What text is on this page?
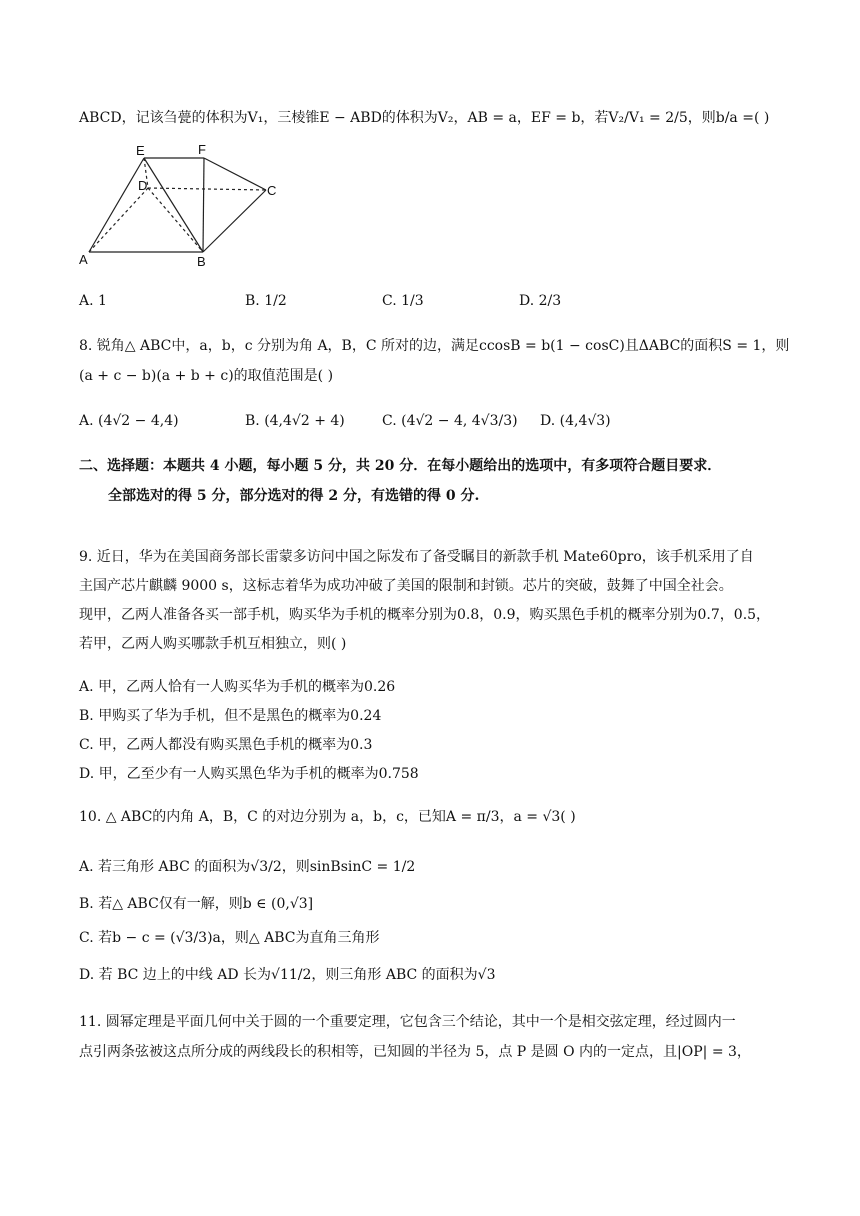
ABCD，记该刍甍的体积为V₁，三棱锥E − ABD的体积为V₂，AB = a，EF = b，若V₂/V₁ = 2/5，则b/a =( )
E	F
D	C
A	B
A. 1	B. 1/2	C. 1/3	D. 2/3
8. 锐角△ ABC中，a，b，c 分别为角 A，B，C 所对的边，满足ccosB = b(1 − cosC)且ΔABC的面积S = 1，则
(a + c − b)(a + b + c)的取值范围是( )
A. (4√2 − 4,4)	B. (4,4√2 + 4)	C. (4√2 − 4, 4√3/3) D. (4,4√3)
二、选择题：本题共 4 小题，每小题 5 分，共 20 分．在每小题给出的选项中，有多项符合题目要求．
全部选对的得 5 分，部分选对的得 2 分，有选错的得 0 分.
9. 近日，华为在美国商务部长雷蒙多访问中国之际发布了备受瞩目的新款手机 Mate60pro，该手机采用了自
主国产芯片麒麟 9000 s，这标志着华为成功冲破了美国的限制和封锁。芯片的突破，鼓舞了中国全社会。
现甲，乙两人准备各买一部手机，购买华为手机的概率分别为0.8，0.9，购买黑色手机的概率分别为0.7，0.5，
若甲，乙两人购买哪款手机互相独立，则( )
A. 甲，乙两人恰有一人购买华为手机的概率为0.26
B. 甲购买了华为手机，但不是黑色的概率为0.24
C. 甲，乙两人都没有购买黑色手机的概率为0.3
D. 甲，乙至少有一人购买黑色华为手机的概率为0.758
10. △ ABC的内角 A，B，C 的对边分别为 a，b，c，已知A = π/3，a = √3( )
A. 若三角形 ABC 的面积为√3/2，则sinBsinC = 1/2
B. 若△ ABC仅有一解，则b ∈ (0,√3]
C. 若b − c = (√3/3)a，则△ ABC为直角三角形
D. 若 BC 边上的中线 AD 长为√11/2，则三角形 ABC 的面积为√3
11. 圆幂定理是平面几何中关于圆的一个重要定理，它包含三个结论，其中一个是相交弦定理，经过圆内一
点引两条弦被这点所分成的两线段长的积相等，已知圆的半径为 5，点 P 是圆 O 内的一定点，且|OP| = 3，
